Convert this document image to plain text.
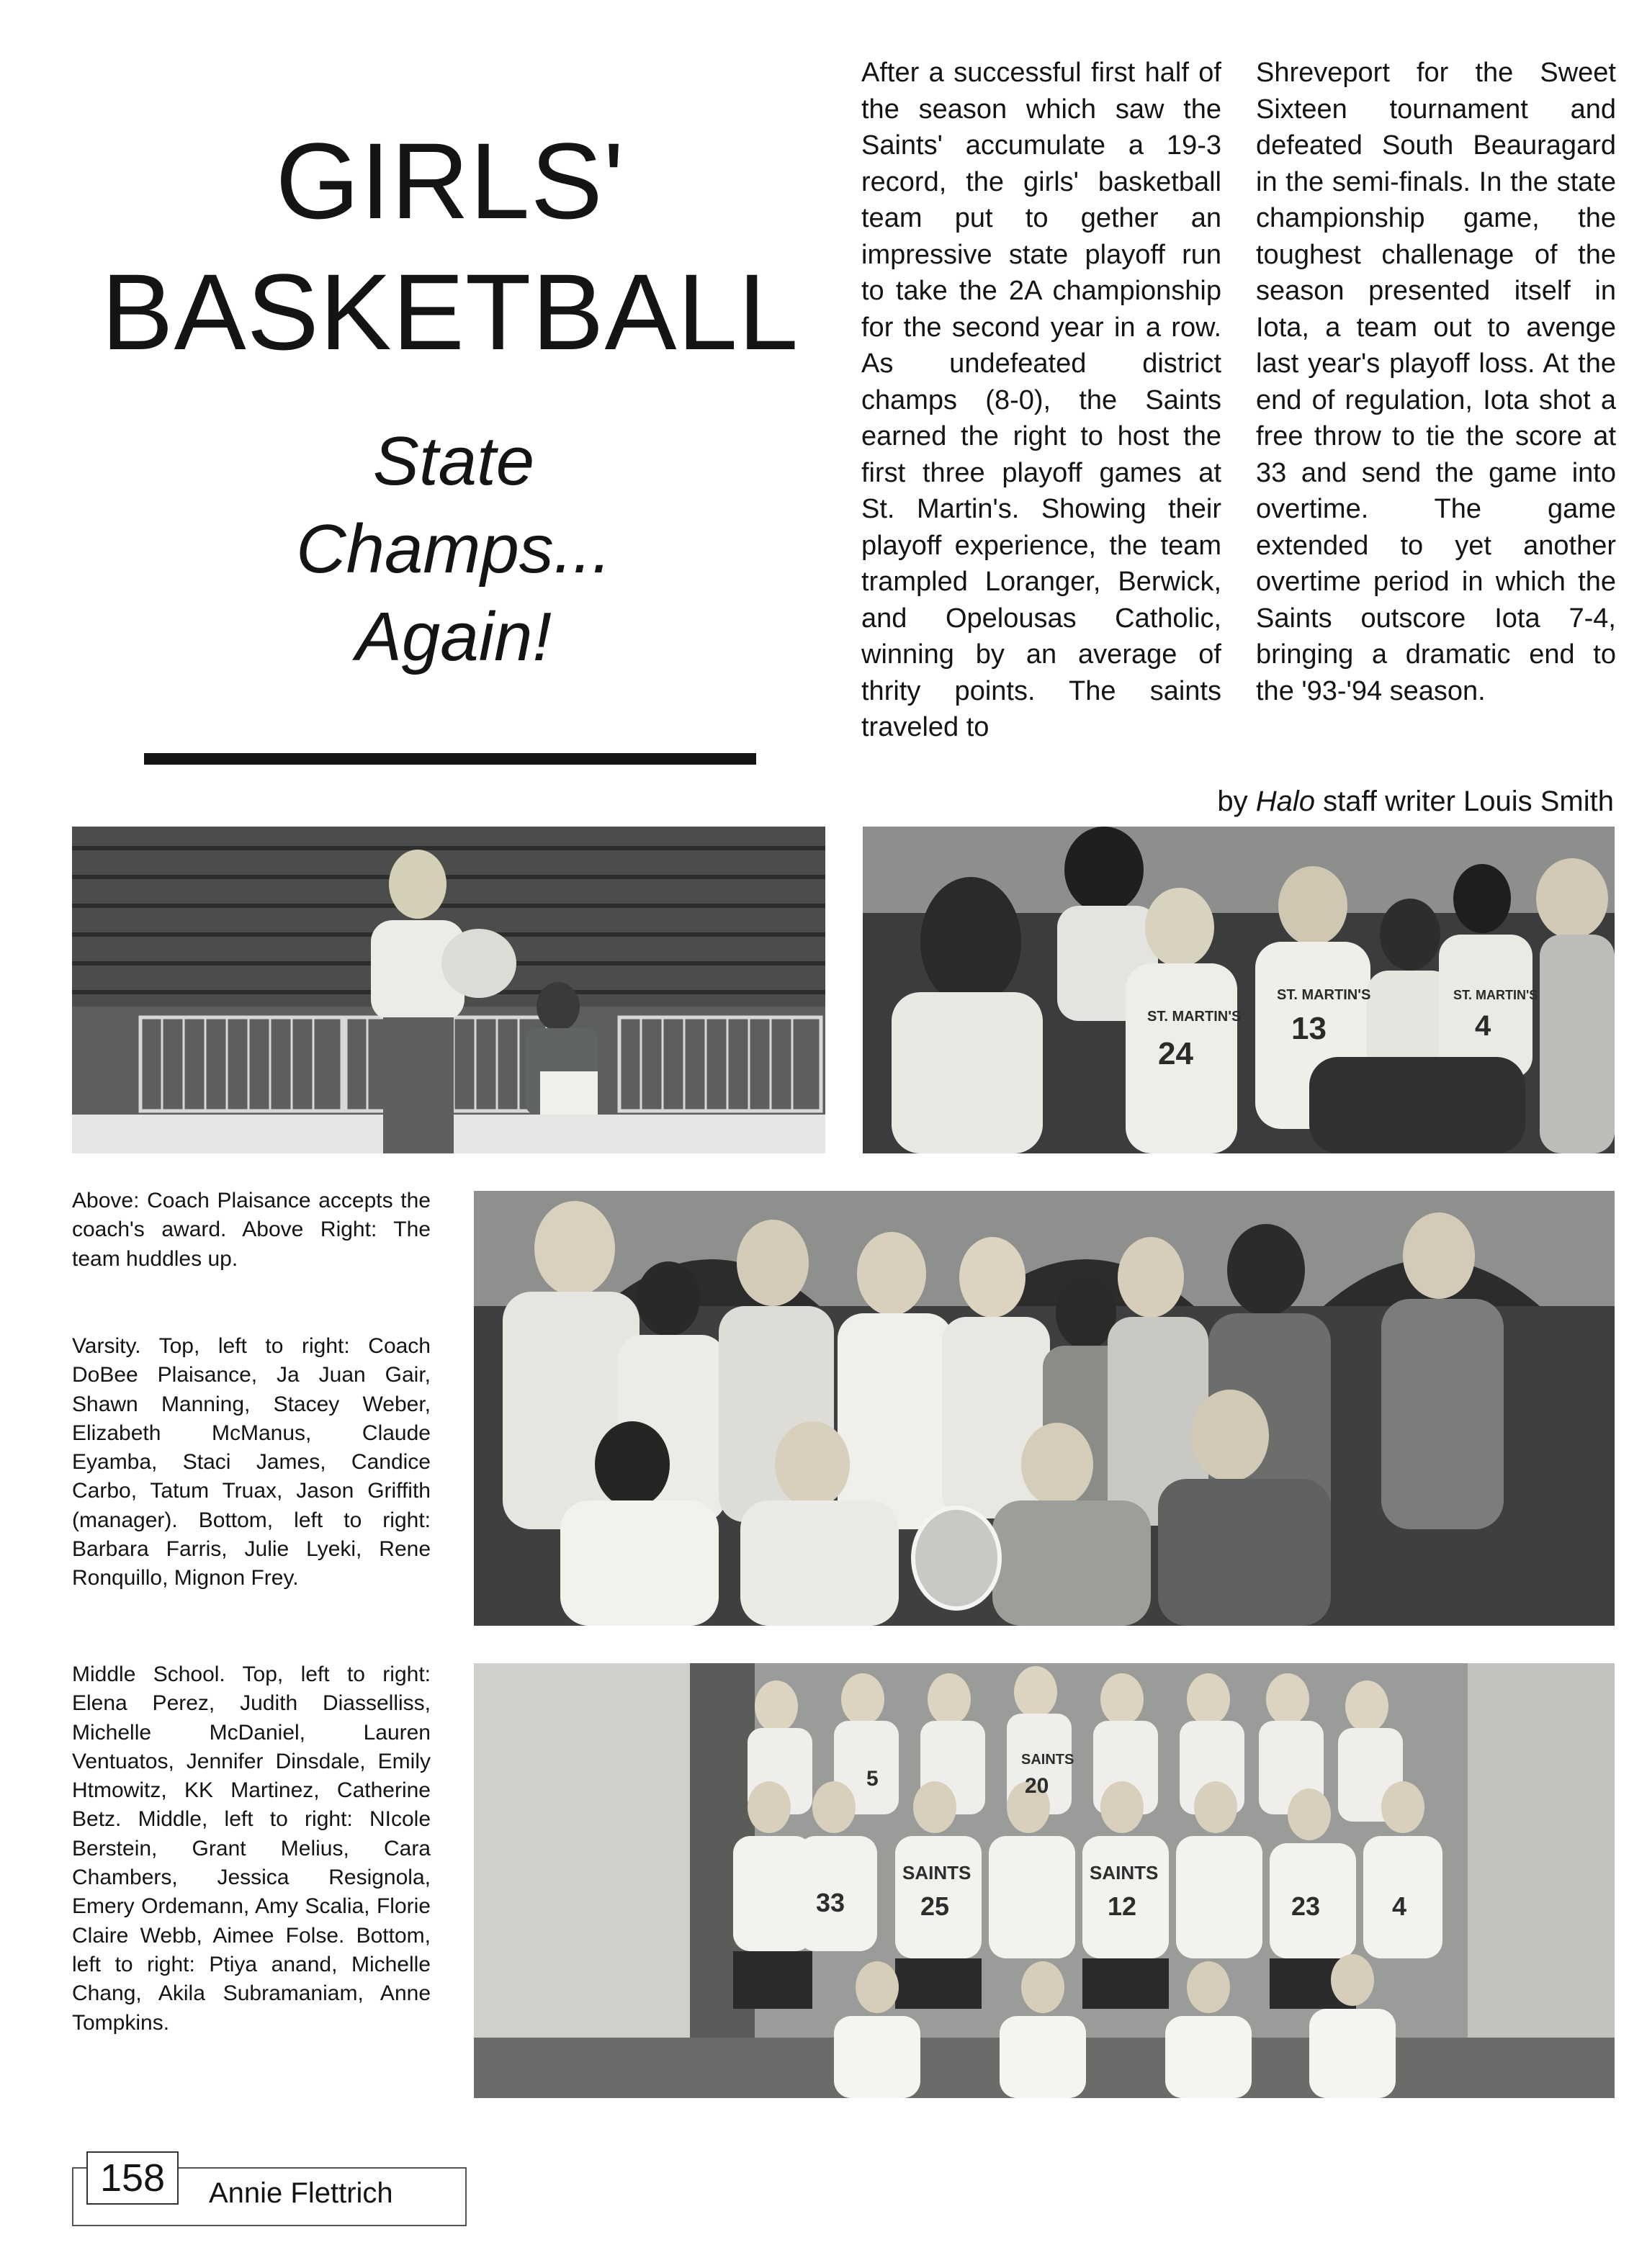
GIRLS'
BASKETBALL
State
Champs...
Again!
After a successful first half of the season which saw the Saints' accumulate a 19-3 record, the girls' basketball team put to gether an impressive state playoff run to take the 2A championship for the second year in a row. As undefeated district champs (8-0), the Saints earned the right to host the first three playoff games at St. Martin's. Showing their playoff experience, the team trampled Loranger, Berwick, and Opelousas Catholic, winning by an average of thrity points. The saints traveled to
Shreveport for the Sweet Sixteen tournament and defeated South Beauragard in the semi-finals. In the state championship game, the toughest challenage of the season presented itself in Iota, a team out to avenge last year's playoff loss. At the end of regulation, Iota shot a free throw to tie the score at 33 and send the game into overtime. The game extended to yet another overtime period in which the Saints outscore Iota 7-4, bringing a dramatic end to the '93-'94 season.
by Halo staff writer Louis Smith
ST. MARTIN'S
ST. MARTIN'S	ST. MARTIN'S
24
13	4
Above: Coach Plaisance accepts the coach's award. Above Right: The team huddles up.
Varsity. Top, left to right: Coach DoBee Plaisance, Ja Juan Gair, Shawn Manning, Stacey Weber, Elizabeth McManus, Claude Eyamba, Staci James, Candice Carbo, Tatum Truax, Jason Griffith (manager). Bottom, left to right: Barbara Farris, Julie Lyeki, Rene Ronquillo, Mignon Frey.
SAINTS	SAINTS
SAINTS
5	20
33	25	12	23	4
Middle School. Top, left to right: Elena Perez, Judith Diasselliss, Michelle McDaniel, Lauren Ventuatos, Jennifer Dinsdale, Emily Htmowitz, KK Martinez, Catherine Betz. Middle, left to right: NIcole Berstein, Grant Melius, Cara Chambers, Jessica Resignola, Emery Ordemann, Amy Scalia, Florie Claire Webb, Aimee Folse. Bottom, left to right: Ptiya anand, Michelle Chang, Akila Subramaniam, Anne Tompkins.
158	Annie Flettrich
